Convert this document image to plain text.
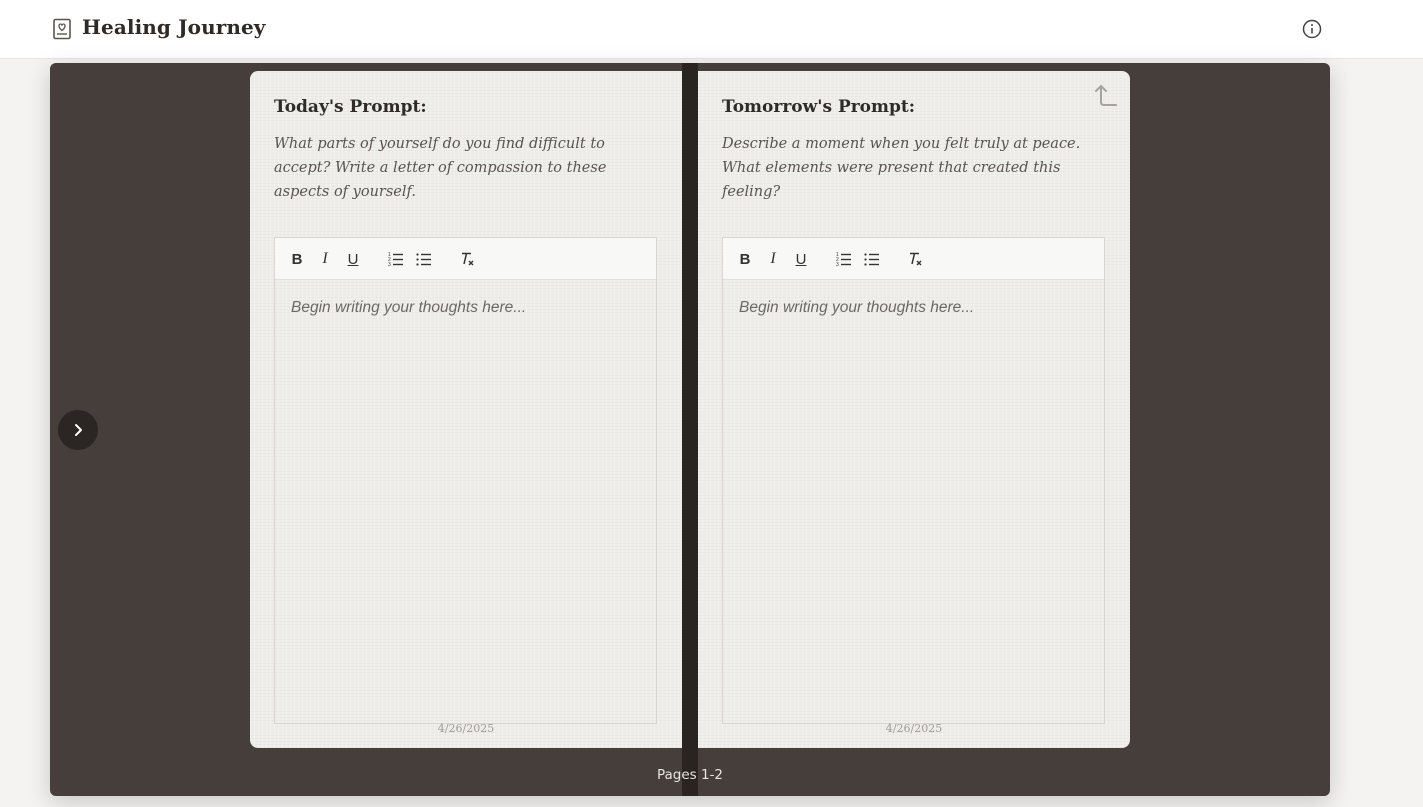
Healing Journey
Today's Prompt:
What parts of yourself do you find difficult to accept? Write a letter of compassion to these aspects of yourself.
B	I	U	1
2
3
Begin writing your thoughts here...
4/26/2025
Tomorrow's Prompt:
Describe a moment when you felt truly at peace. What elements were present that created this feeling?
B	I	U	1
2
3
Begin writing your thoughts here...
4/26/2025
Pages 1-2
